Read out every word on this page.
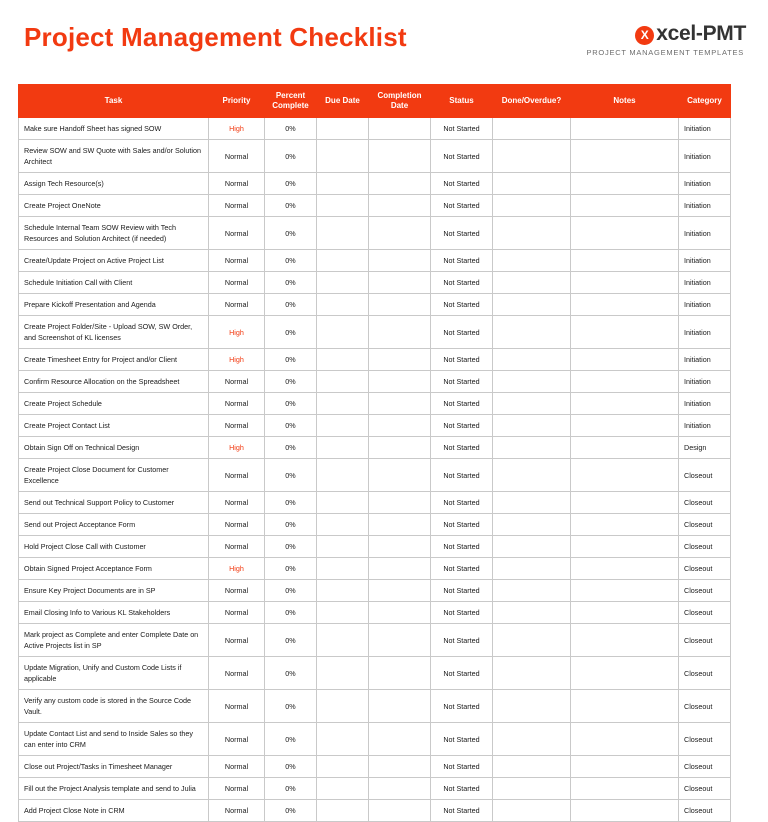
Project Management Checklist	X xcel-PMT
PROJECT MANAGEMENT TEMPLATES
Task	Priority	Percent Complete	Due Date	Completion Date	Status	Done/Overdue?	Notes	Category
Make sure Handoff Sheet has signed SOW	High	0%			Not Started			Initiation
Review SOW and SW Quote with Sales and/or Solution Architect	Normal	0%			Not Started			Initiation
Assign Tech Resource(s)	Normal	0%			Not Started			Initiation
Create Project OneNote	Normal	0%			Not Started			Initiation
Schedule Internal Team SOW Review with Tech Resources and Solution Architect (if needed)	Normal	0%			Not Started			Initiation
Create/Update Project on Active Project List	Normal	0%			Not Started			Initiation
Schedule Initiation Call with Client	Normal	0%			Not Started			Initiation
Prepare Kickoff Presentation and Agenda	Normal	0%			Not Started			Initiation
Create Project Folder/Site - Upload SOW, SW Order, and Screenshot of KL licenses	High	0%			Not Started			Initiation
Create Timesheet Entry for Project and/or Client	High	0%			Not Started			Initiation
Confirm Resource Allocation on the Spreadsheet	Normal	0%			Not Started			Initiation
Create Project Schedule	Normal	0%			Not Started			Initiation
Create Project Contact List	Normal	0%			Not Started			Initiation
Obtain Sign Off on Technical Design	High	0%			Not Started			Design
Create Project Close Document for Customer Excellence	Normal	0%			Not Started			Closeout
Send out Technical Support Policy to Customer	Normal	0%			Not Started			Closeout
Send out Project Acceptance Form	Normal	0%			Not Started			Closeout
Hold Project Close Call with Customer	Normal	0%			Not Started			Closeout
Obtain Signed Project Acceptance Form	High	0%			Not Started			Closeout
Ensure Key Project Documents are in SP	Normal	0%			Not Started			Closeout
Email Closing Info to Various KL Stakeholders	Normal	0%			Not Started			Closeout
Mark project as Complete and enter Complete Date on Active Projects list in SP	Normal	0%			Not Started			Closeout
Update Migration, Unify and Custom Code Lists if applicable	Normal	0%			Not Started			Closeout
Verify any custom code is stored in the Source Code Vault.	Normal	0%			Not Started			Closeout
Update Contact List and send to Inside Sales so they can enter into CRM	Normal	0%			Not Started			Closeout
Close out Project/Tasks in Timesheet Manager	Normal	0%			Not Started			Closeout
Fill out the Project Analysis template and send to Julia	Normal	0%			Not Started			Closeout
Add Project Close Note in CRM	Normal	0%			Not Started			Closeout
